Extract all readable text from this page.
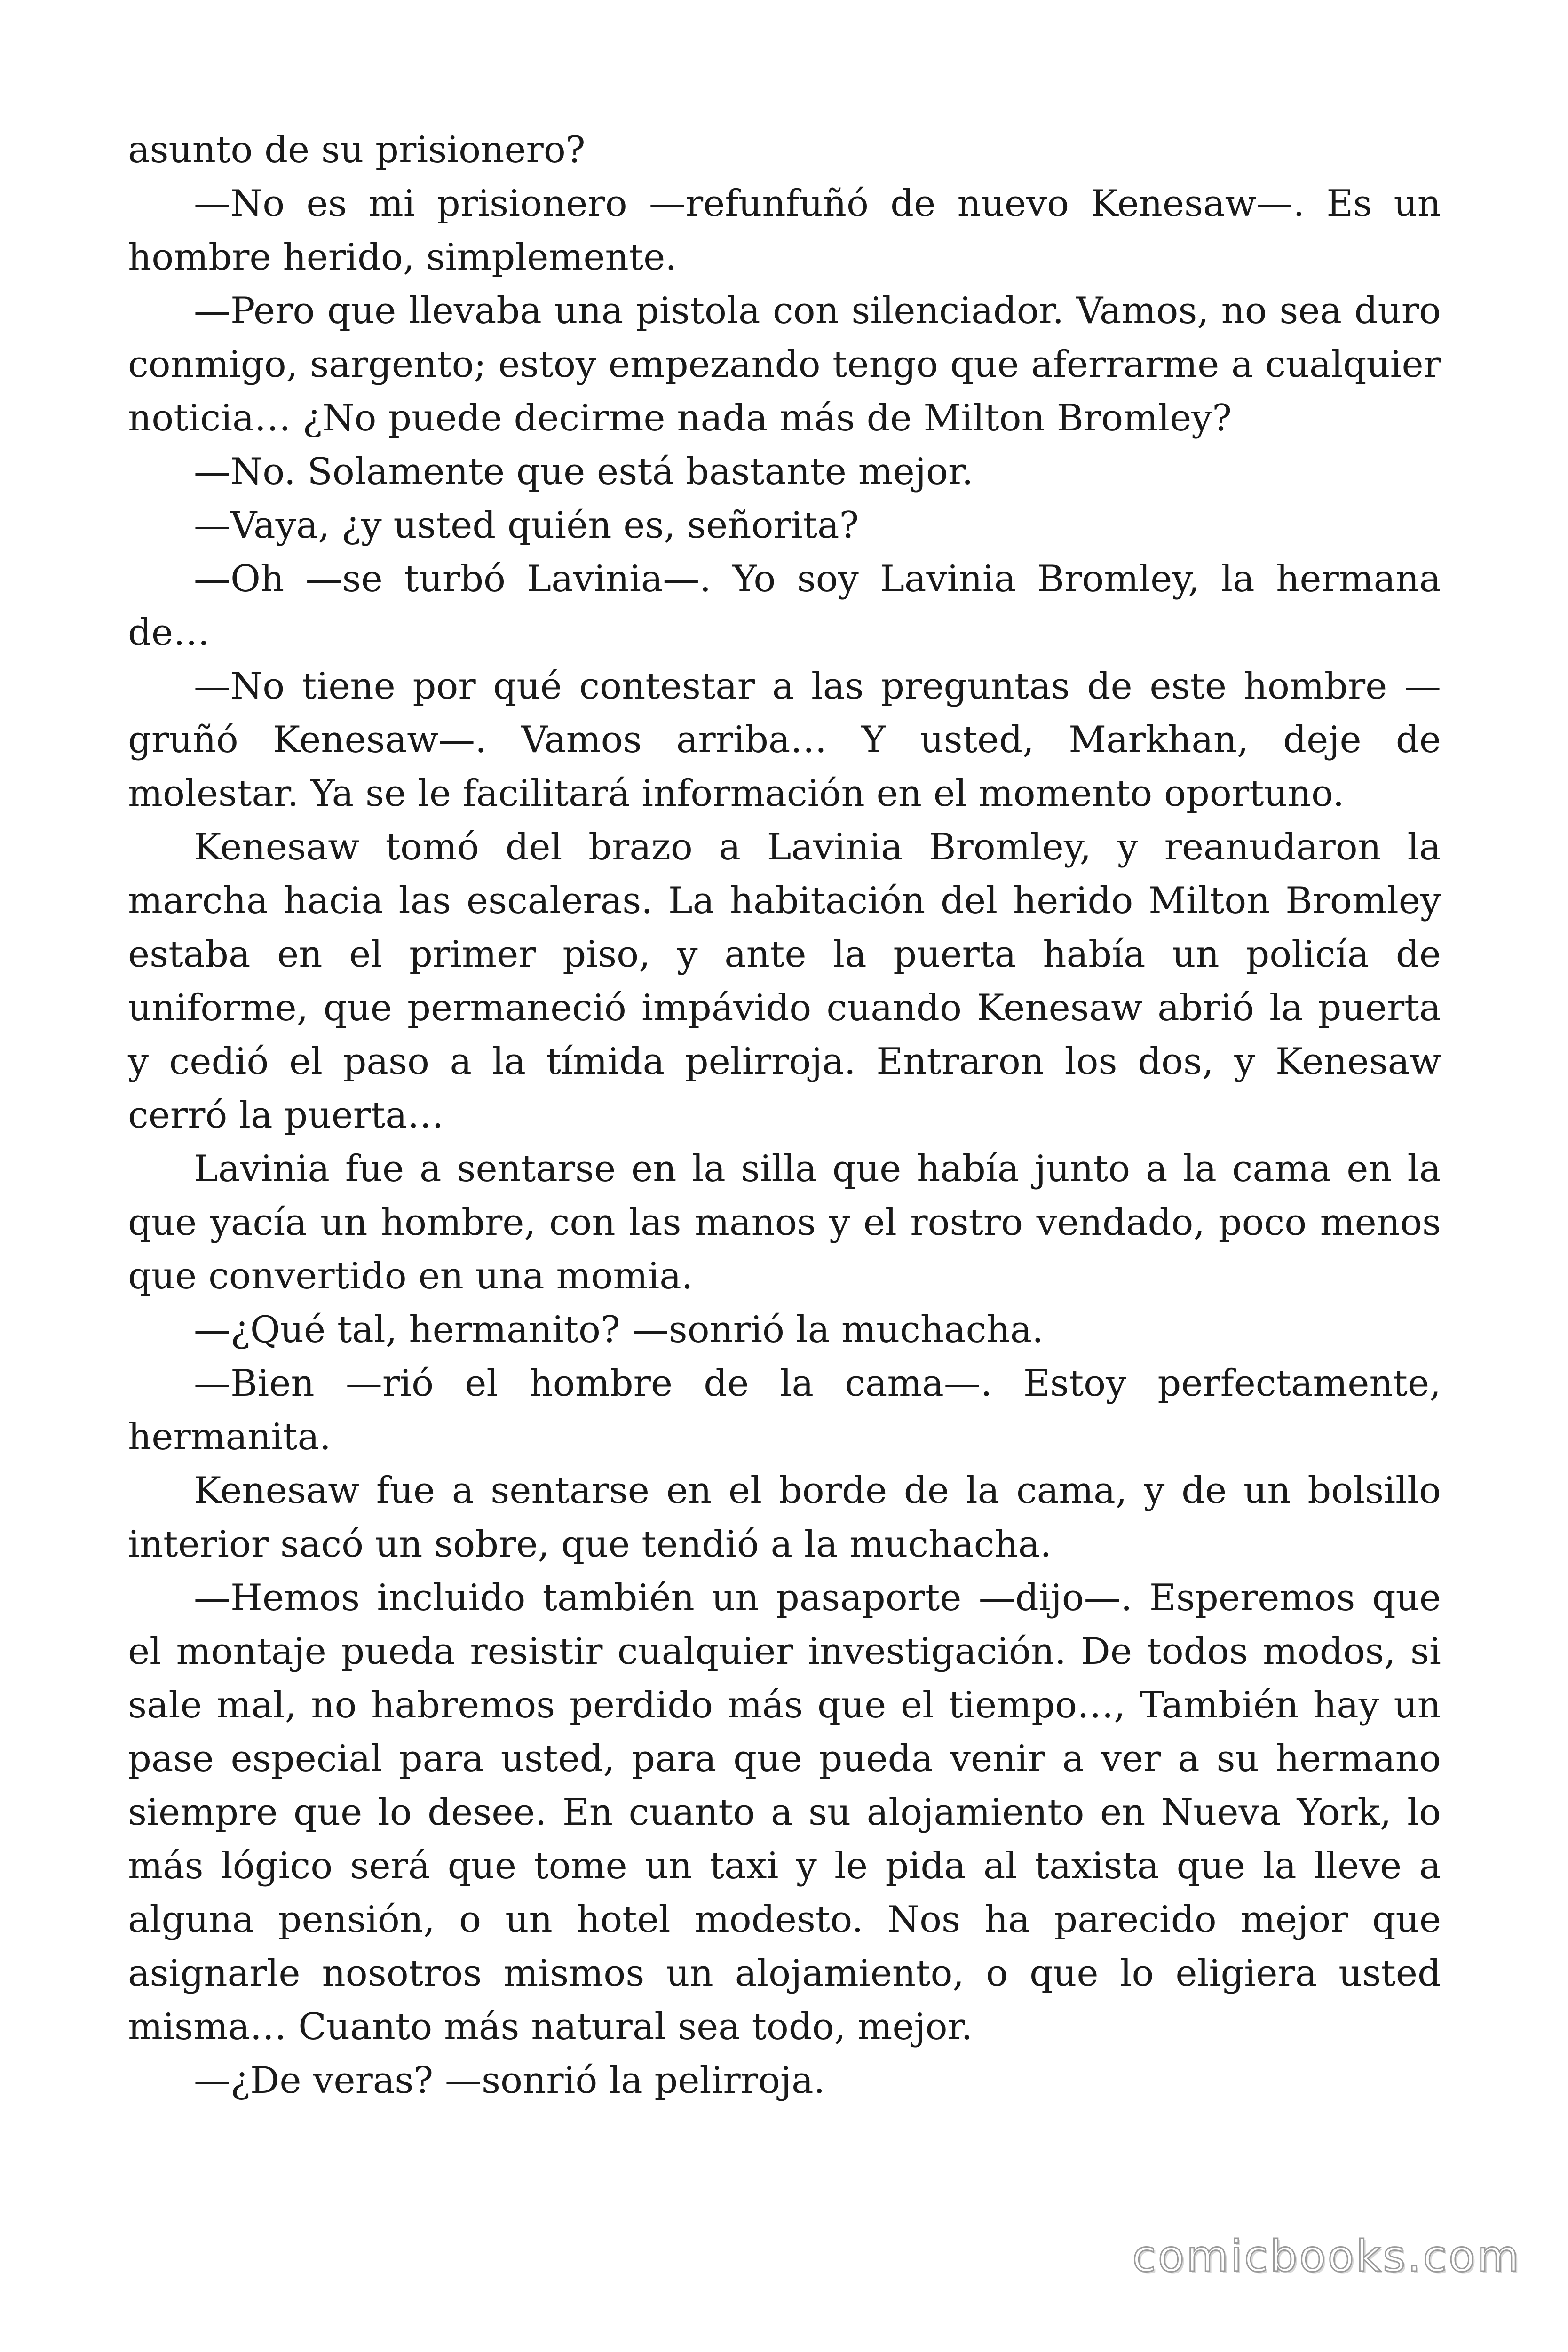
asunto de su prisionero?

—No es mi prisionero —refunfuñó de nuevo Kenesaw—. Es un hombre herido, simplemente.

—Pero que llevaba una pistola con silenciador. Vamos, no sea duro conmigo, sargento; estoy empezando tengo que aferrarme a cualquier noticia… ¿No puede decirme nada más de Milton Bromley?

—No. Solamente que está bastante mejor.

—Vaya, ¿y usted quién es, señorita?

—Oh —se turbó Lavinia—. Yo soy Lavinia Bromley, la hermana de…

—No tiene por qué contestar a las preguntas de este hombre —gruñó Kenesaw—. Vamos arriba… Y usted, Markhan, deje de molestar. Ya se le facilitará información en el momento oportuno.

Kenesaw tomó del brazo a Lavinia Bromley, y reanudaron la marcha hacia las escaleras. La habitación del herido Milton Bromley estaba en el primer piso, y ante la puerta había un policía de uniforme, que permaneció impávido cuando Kenesaw abrió la puerta y cedió el paso a la tímida pelirroja. Entraron los dos, y Kenesaw cerró la puerta…

Lavinia fue a sentarse en la silla que había junto a la cama en la que yacía un hombre, con las manos y el rostro vendado, poco menos que convertido en una momia.

—¿Qué tal, hermanito? —sonrió la muchacha.

—Bien —rió el hombre de la cama—. Estoy perfectamente, hermanita.

Kenesaw fue a sentarse en el borde de la cama, y de un bolsillo interior sacó un sobre, que tendió a la muchacha.

—Hemos incluido también un pasaporte —dijo—. Esperemos que el montaje pueda resistir cualquier investigación. De todos modos, si sale mal, no habremos perdido más que el tiempo…, También hay un pase especial para usted, para que pueda venir a ver a su hermano siempre que lo desee. En cuanto a su alojamiento en Nueva York, lo más lógico será que tome un taxi y le pida al taxista que la lleve a alguna pensión, o un hotel modesto. Nos ha parecido mejor que asignarle nosotros mismos un alojamiento, o que lo eligiera usted misma… Cuanto más natural sea todo, mejor.

—¿De veras? —sonrió la pelirroja.

comicbooks.com
